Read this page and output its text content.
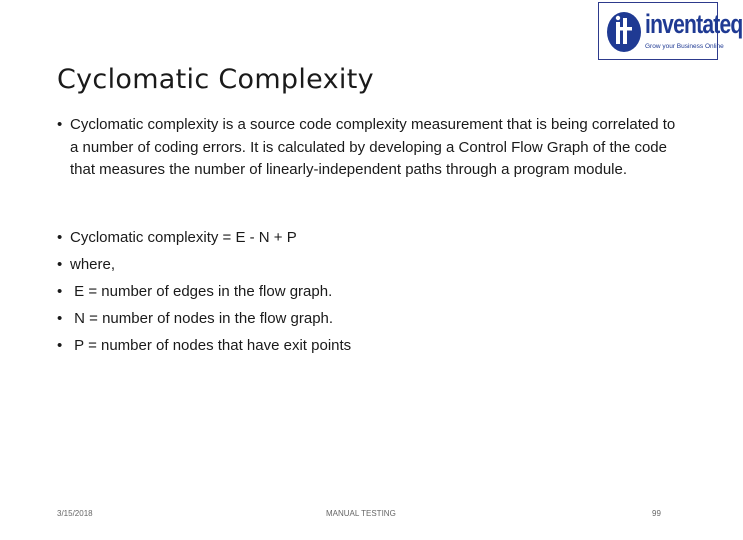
inventateq
Grow your Business Online
Cyclomatic Complexity
• Cyclomatic complexity is a source code complexity measurement that is being correlated to a number of coding errors. It is calculated by developing a Control Flow Graph of the code that measures the number of linearly-independent paths through a program module.
• Cyclomatic complexity = E - N + P
• where,
• E = number of edges in the flow graph.
• N = number of nodes in the flow graph.
• P = number of nodes that have exit points
3/15/2018	MANUAL TESTING	99
